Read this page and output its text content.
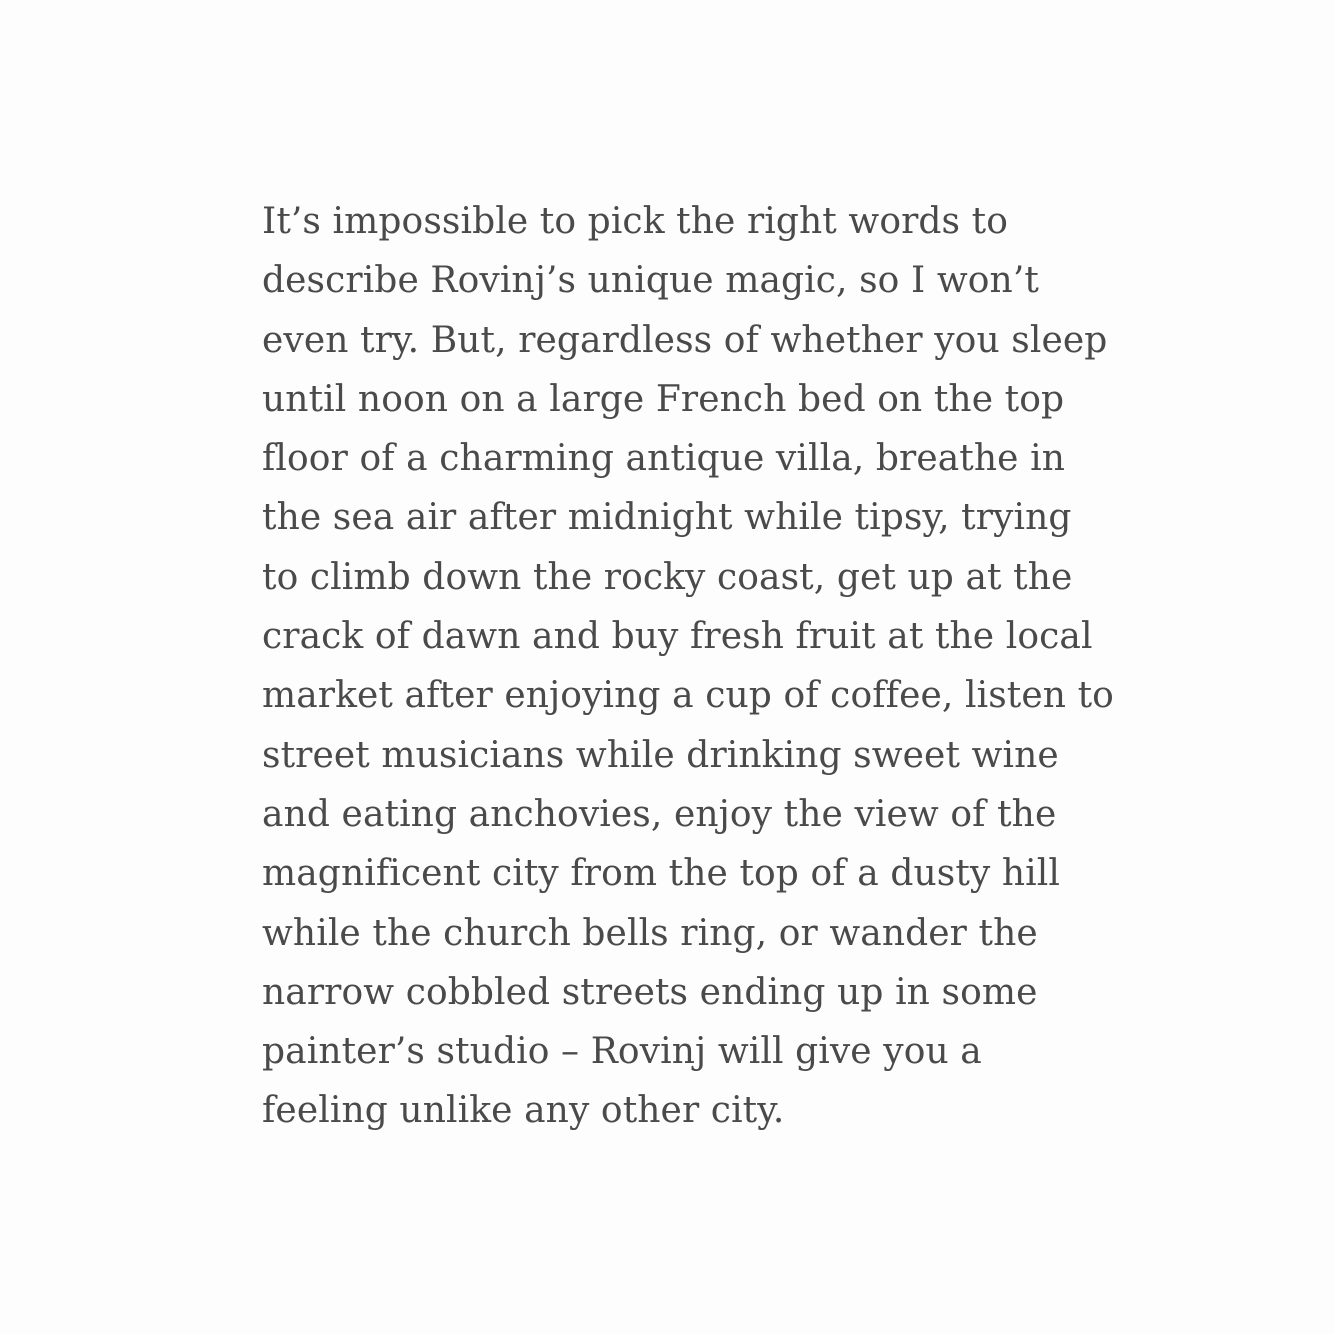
It’s impossible to pick the right words to
describe Rovinj’s unique magic, so I won’t
even try. But, regardless of whether you sleep
until noon on a large French bed on the top
floor of a charming antique villa, breathe in
the sea air after midnight while tipsy, trying
to climb down the rocky coast, get up at the
crack of dawn and buy fresh fruit at the local
market after enjoying a cup of coffee, listen to
street musicians while drinking sweet wine
and eating anchovies, enjoy the view of the
magnificent city from the top of a dusty hill
while the church bells ring, or wander the
narrow cobbled streets ending up in some
painter’s studio – Rovinj will give you a
feeling unlike any other city.
